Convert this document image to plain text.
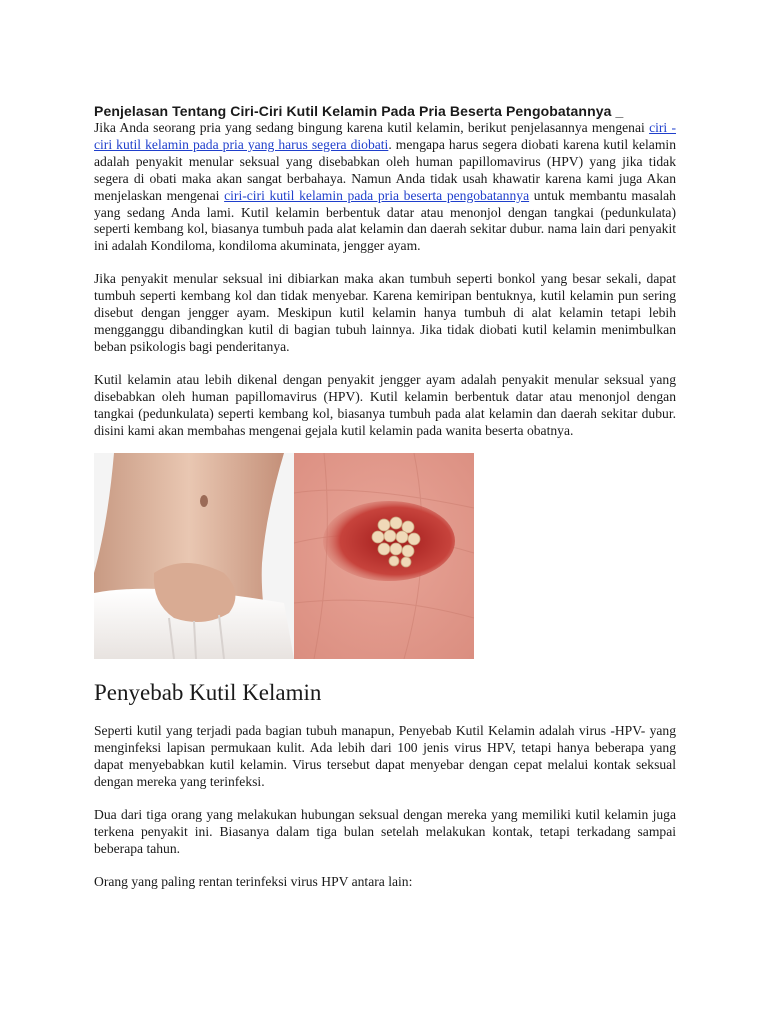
Penjelasan Tentang Ciri-Ciri Kutil Kelamin Pada Pria Beserta Pengobatannya _

Jika Anda seorang pria yang sedang bingung karena kutil kelamin, berikut penjelasannya mengenai ciri - ciri kutil kelamin pada pria yang harus segera diobati. mengapa harus segera diobati karena kutil kelamin adalah penyakit menular seksual yang disebabkan oleh human papillomavirus (HPV) yang jika tidak segera di obati maka akan sangat berbahaya. Namun Anda tidak usah khawatir karena kami juga Akan menjelaskan mengenai ciri-ciri kutil kelamin pada pria beserta pengobatannya untuk membantu masalah yang sedang Anda lami. Kutil kelamin berbentuk datar atau menonjol dengan tangkai (pedunkulata) seperti kembang kol, biasanya tumbuh pada alat kelamin dan daerah sekitar dubur. nama lain dari penyakit ini adalah Kondiloma, kondiloma akuminata, jengger ayam.

Jika penyakit menular seksual ini dibiarkan maka akan tumbuh seperti bonkol yang besar sekali, dapat tumbuh seperti kembang kol dan tidak menyebar. Karena kemiripan bentuknya, kutil kelamin pun sering disebut dengan jengger ayam. Meskipun kutil kelamin hanya tumbuh di alat kelamin tetapi lebih mengganggu dibandingkan kutil di bagian tubuh lainnya. Jika tidak diobati kutil kelamin menimbulkan beban psikologis bagi penderitanya.

Kutil kelamin atau lebih dikenal dengan penyakit jengger ayam adalah penyakit menular seksual yang disebabkan oleh human papillomavirus (HPV). Kutil kelamin berbentuk datar atau menonjol dengan tangkai (pedunkulata) seperti kembang kol, biasanya tumbuh pada alat kelamin dan daerah sekitar dubur. disini kami akan membahas mengenai gejala kutil kelamin pada wanita beserta obatnya.

Penyebab Kutil Kelamin

Seperti kutil yang terjadi pada bagian tubuh manapun, Penyebab Kutil Kelamin adalah virus -HPV- yang menginfeksi lapisan permukaan kulit. Ada lebih dari 100 jenis virus HPV, tetapi hanya beberapa yang dapat menyebabkan kutil kelamin. Virus tersebut dapat menyebar dengan cepat melalui kontak seksual dengan mereka yang terinfeksi.

Dua dari tiga orang yang melakukan hubungan seksual dengan mereka yang memiliki kutil kelamin juga terkena penyakit ini. Biasanya dalam tiga bulan setelah melakukan kontak, tetapi terkadang sampai beberapa tahun.

Orang yang paling rentan terinfeksi virus HPV antara lain:
